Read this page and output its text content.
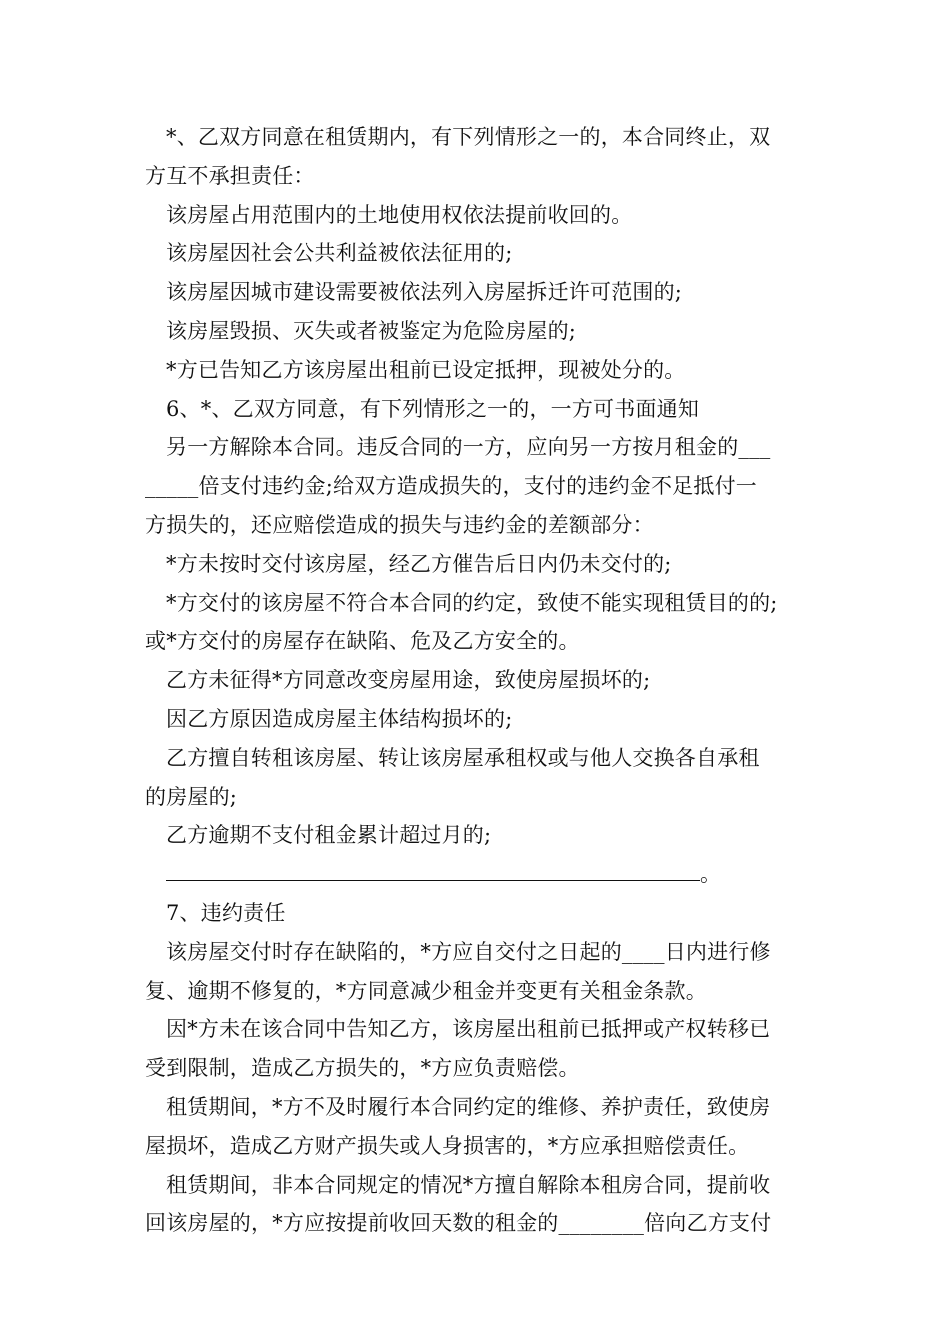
*、乙双方同意在租赁期内，有下列情形之一的，本合同终止，双
方互不承担责任：
该房屋占用范围内的土地使用权依法提前收回的。
该房屋因社会公共利益被依法征用的;
该房屋因城市建设需要被依法列入房屋拆迁许可范围的;
该房屋毁损、灭失或者被鉴定为危险房屋的;
*方已告知乙方该房屋出租前已设定抵押，现被处分的。
6、*、乙双方同意，有下列情形之一的，一方可书面通知
另一方解除本合同。违反合同的一方，应向另一方按月租金的___
_____倍支付违约金;给双方造成损失的，支付的违约金不足抵付一
方损失的，还应赔偿造成的损失与违约金的差额部分：
*方未按时交付该房屋，经乙方催告后日内仍未交付的;
*方交付的该房屋不符合本合同的约定，致使不能实现租赁目的的;
或*方交付的房屋存在缺陷、危及乙方安全的。
乙方未征得*方同意改变房屋用途，致使房屋损坏的;
因乙方原因造成房屋主体结构损坏的;
乙方擅自转租该房屋、转让该房屋承租权或与他人交换各自承租
的房屋的;
乙方逾期不支付租金累计超过月的;
。
7、违约责任
该房屋交付时存在缺陷的，*方应自交付之日起的____日内进行修
复、逾期不修复的，*方同意减少租金并变更有关租金条款。
因*方未在该合同中告知乙方，该房屋出租前已抵押或产权转移已
受到限制，造成乙方损失的，*方应负责赔偿。
租赁期间，*方不及时履行本合同约定的维修、养护责任，致使房
屋损坏，造成乙方财产损失或人身损害的，*方应承担赔偿责任。
租赁期间，非本合同规定的情况*方擅自解除本租房合同，提前收
回该房屋的，*方应按提前收回天数的租金的________倍向乙方支付
